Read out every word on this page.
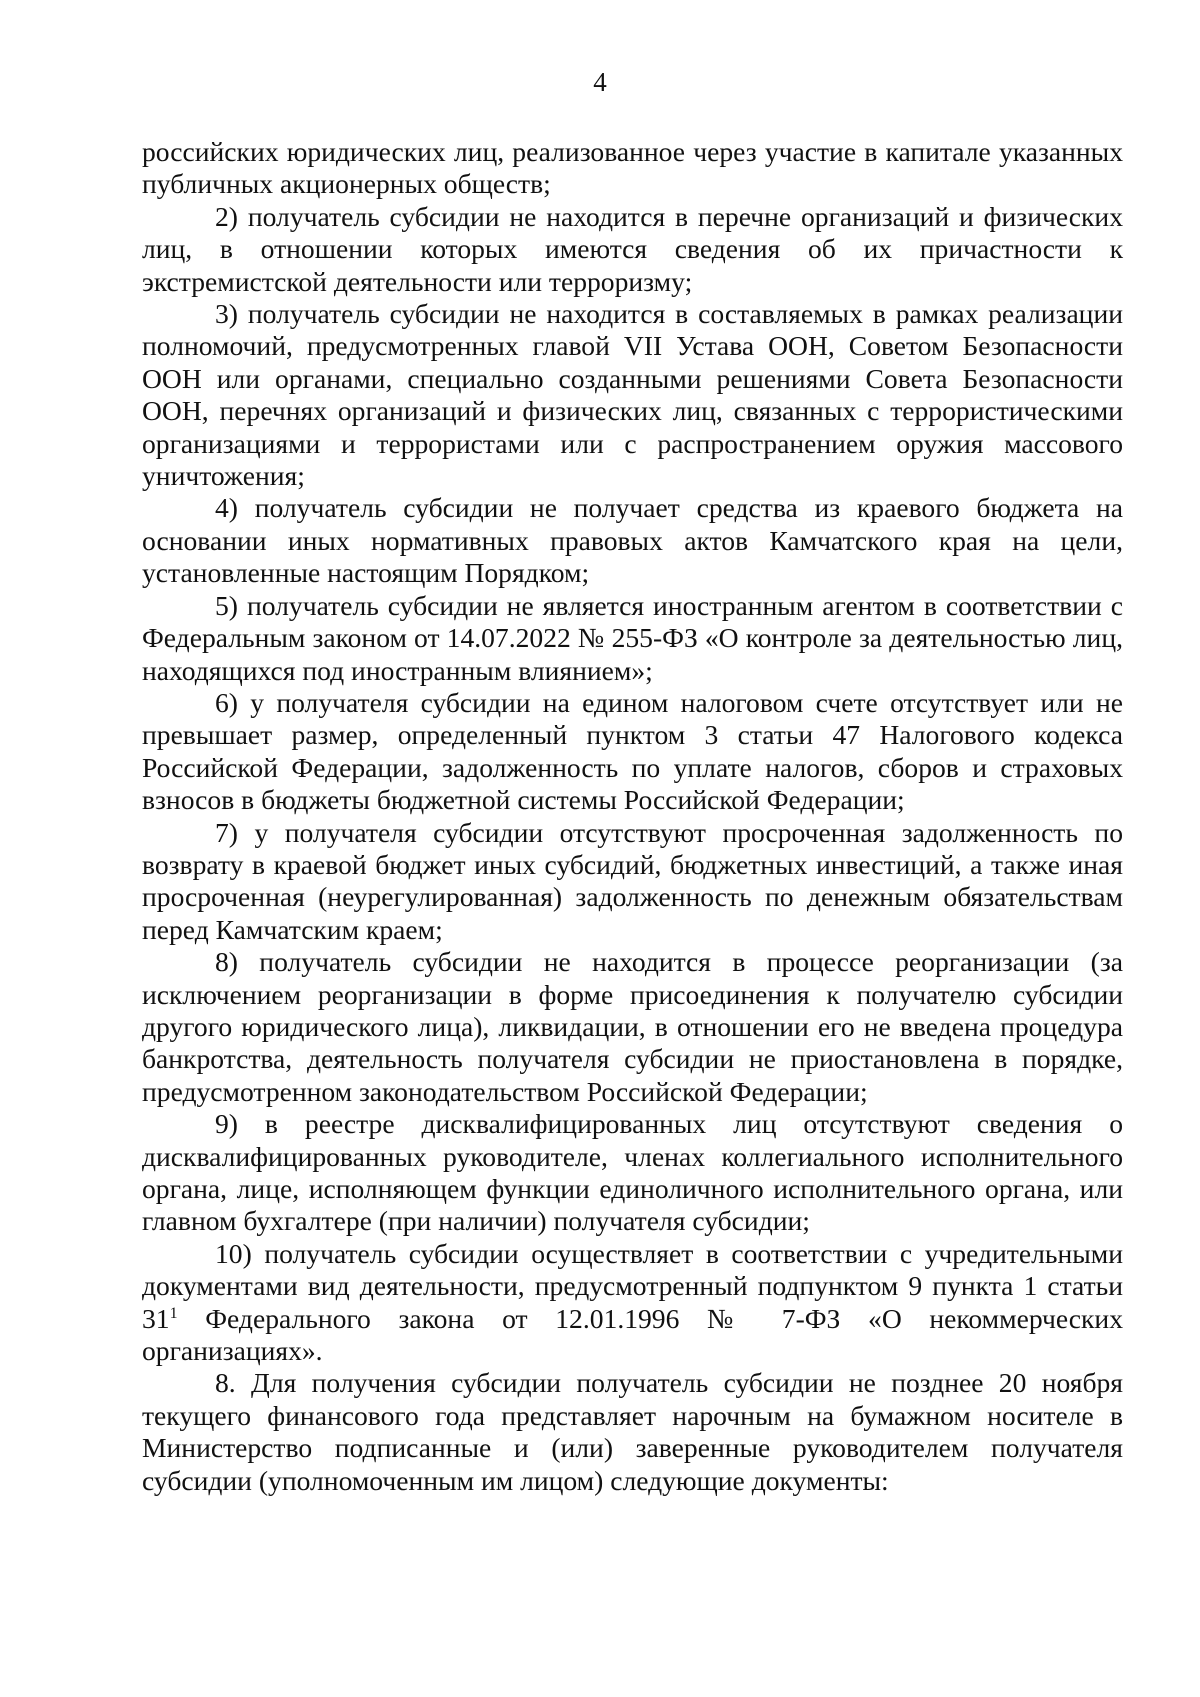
4

российских юридических лиц, реализованное через участие в капитале указанных публичных акционерных обществ;

2) получатель субсидии не находится в перечне организаций и физических лиц, в отношении которых имеются сведения об их причастности к экстремистской деятельности или терроризму;

3) получатель субсидии не находится в составляемых в рамках реализации полномочий, предусмотренных главой VII Устава ООН, Советом Безопасности ООН или органами, специально созданными решениями Совета Безопасности ООН, перечнях организаций и физических лиц, связанных с террористическими организациями и террористами или с распространением оружия массового уничтожения;

4) получатель субсидии не получает средства из краевого бюджета на основании иных нормативных правовых актов Камчатского края на цели, установленные настоящим Порядком;

5) получатель субсидии не является иностранным агентом в соответствии с Федеральным законом от 14.07.2022 № 255-ФЗ «О контроле за деятельностью лиц, находящихся под иностранным влиянием»;

6) у получателя субсидии на едином налоговом счете отсутствует или не превышает размер, определенный пунктом 3 статьи 47 Налогового кодекса Российской Федерации, задолженность по уплате налогов, сборов и страховых взносов в бюджеты бюджетной системы Российской Федерации;

7) у получателя субсидии отсутствуют просроченная задолженность по возврату в краевой бюджет иных субсидий, бюджетных инвестиций, а также иная просроченная (неурегулированная) задолженность по денежным обязательствам перед Камчатским краем;

8) получатель субсидии не находится в процессе реорганизации (за исключением реорганизации в форме присоединения к получателю субсидии другого юридического лица), ликвидации, в отношении его не введена процедура банкротства, деятельность получателя субсидии не приостановлена в порядке, предусмотренном законодательством Российской Федерации;

9) в реестре дисквалифицированных лиц отсутствуют сведения о дисквалифицированных руководителе, членах коллегиального исполнительного органа, лице, исполняющем функции единоличного исполнительного органа, или главном бухгалтере (при наличии) получателя субсидии;

10) получатель субсидии осуществляет в соответствии с учредительными документами вид деятельности, предусмотренный подпунктом 9 пункта 1 статьи $31^1$ Федерального закона от 12.01.1996 № 7-ФЗ «О некоммерческих организациях».

8. Для получения субсидии получатель субсидии не позднее 20 ноября текущего финансового года представляет нарочным на бумажном носителе в Министерство подписанные и (или) заверенные руководителем получателя субсидии (уполномоченным им лицом) следующие документы:
